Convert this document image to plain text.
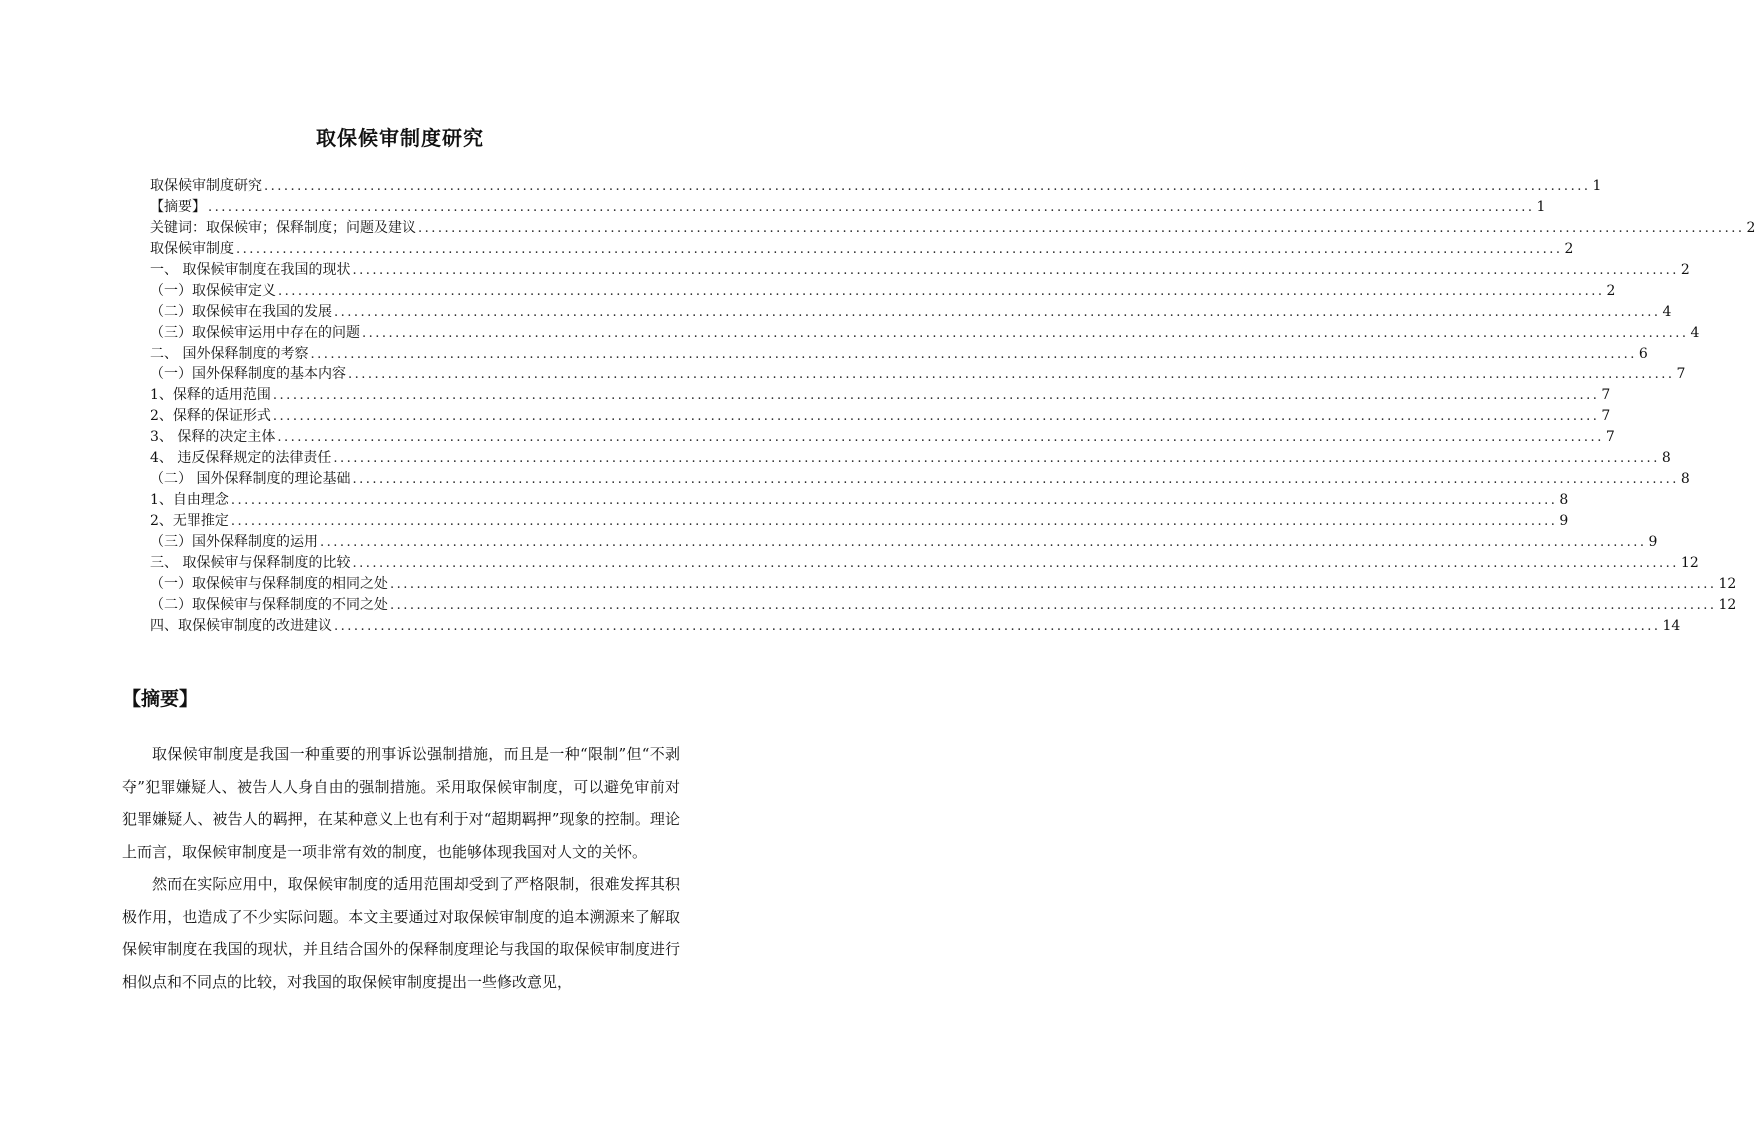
取保候审制度研究
取保候审制度研究 ........................................................................................................................................................................................................ 1
【摘要】 ........................................................................................................................................................................................................ 1
关键词：取保候审；保释制度；问题及建议 ........................................................................................................................................................................................................ 2
取保候审制度 ........................................................................................................................................................................................................ 2
一、 取保候审制度在我国的现状 ........................................................................................................................................................................................................ 2
（一）取保候审定义 ........................................................................................................................................................................................................ 2
（二）取保候审在我国的发展 ........................................................................................................................................................................................................ 4
（三）取保候审运用中存在的问题 ........................................................................................................................................................................................................ 4
二、 国外保释制度的考察 ........................................................................................................................................................................................................ 6
（一）国外保释制度的基本内容 ........................................................................................................................................................................................................ 7
1、保释的适用范围 ........................................................................................................................................................................................................ 7
2、保释的保证形式 ........................................................................................................................................................................................................ 7
3、 保释的决定主体 ........................................................................................................................................................................................................ 7
4、 违反保释规定的法律责任 ........................................................................................................................................................................................................ 8
（二） 国外保释制度的理论基础 ........................................................................................................................................................................................................ 8
1、自由理念 ........................................................................................................................................................................................................ 8
2、无罪推定 ........................................................................................................................................................................................................ 9
（三）国外保释制度的运用 ........................................................................................................................................................................................................ 9
三、 取保候审与保释制度的比较 ........................................................................................................................................................................................................ 12
（一）取保候审与保释制度的相同之处 ........................................................................................................................................................................................................ 12
（二）取保候审与保释制度的不同之处 ........................................................................................................................................................................................................ 12
四、取保候审制度的改进建议 ........................................................................................................................................................................................................ 14
【摘要】

取保候审制度是我国一种重要的刑事诉讼强制措施，而且是一种“限制”但“不剥夺”犯罪嫌疑人、被告人人身自由的强制措施。采用取保候审制度，可以避免审前对犯罪嫌疑人、被告人的羁押，在某种意义上也有利于对“超期羁押”现象的控制。理论上而言，取保候审制度是一项非常有效的制度，也能够体现我国对人文的关怀。

然而在实际应用中，取保候审制度的适用范围却受到了严格限制，很难发挥其积极作用，也造成了不少实际问题。本文主要通过对取保候审制度的追本溯源来了解取保候审制度在我国的现状，并且结合国外的保释制度理论与我国的取保候审制度进行相似点和不同点的比较，对我国的取保候审制度提出一些修改意见，
